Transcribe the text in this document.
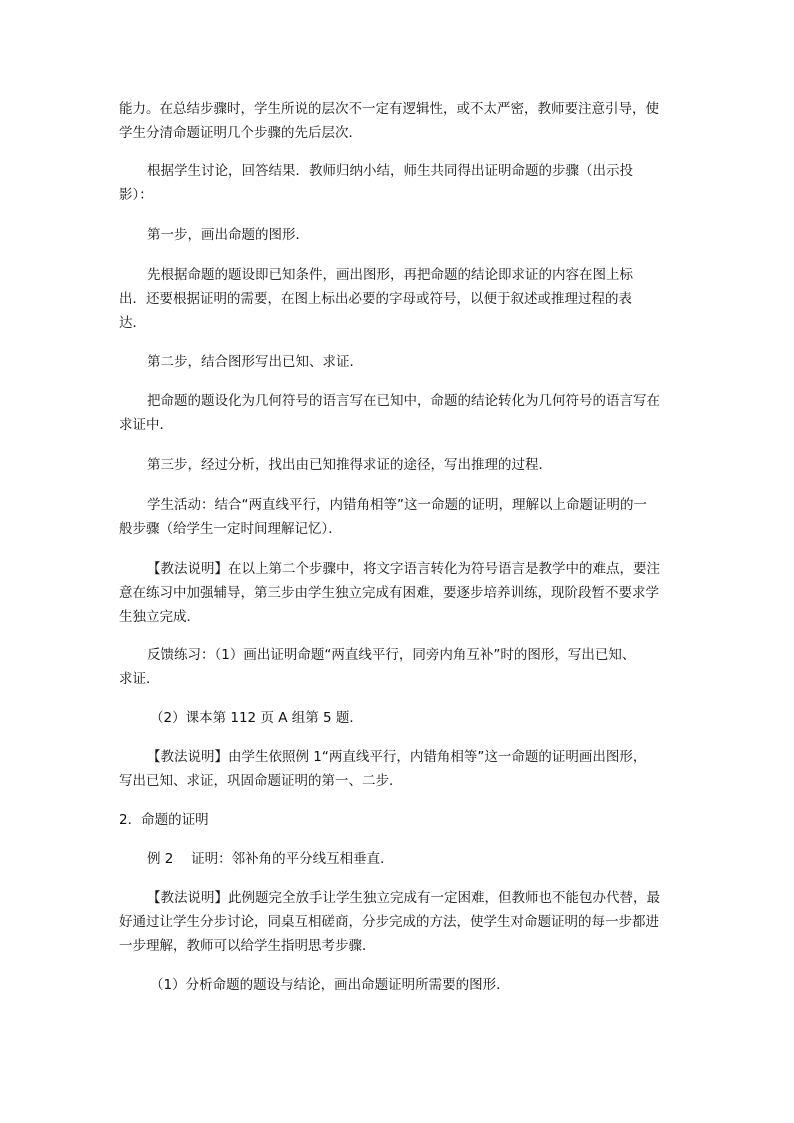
能力。在总结步骤时，学生所说的层次不一定有逻辑性，或不太严密，教师要注意引导，使
学生分清命题证明几个步骤的先后层次．
根据学生讨论，回答结果．教师归纳小结，师生共同得出证明命题的步骤（出示投
影）：
第一步，画出命题的图形．
先根据命题的题设即已知条件，画出图形，再把命题的结论即求证的内容在图上标
出．还要根据证明的需要，在图上标出必要的字母或符号，以便于叙述或推理过程的表
达．
第二步，结合图形写出已知、求证．
把命题的题设化为几何符号的语言写在已知中，命题的结论转化为几何符号的语言写在
求证中．
第三步，经过分析，找出由已知推得求证的途径，写出推理的过程．
学生活动：结合“两直线平行，内错角相等”这一命题的证明，理解以上命题证明的一
般步骤（给学生一定时间理解记忆）．
【教法说明】在以上第二个步骤中，将文字语言转化为符号语言是教学中的难点，要注
意在练习中加强辅导，第三步由学生独立完成有困难，要逐步培养训练，现阶段暂不要求学
生独立完成．
反馈练习：（1）画出证明命题“两直线平行，同旁内角互补”时的图形，写出已知、
求证．
（2）课本第 112 页 A 组第 5 题．
【教法说明】由学生依照例 1“两直线平行，内错角相等”这一命题的证明画出图形，
写出已知、求证，巩固命题证明的第一、二步．
2．命题的证明
例 2　 证明：邻补角的平分线互相垂直．
【教法说明】此例题完全放手让学生独立完成有一定困难，但教师也不能包办代替，最
好通过让学生分步讨论，同桌互相磋商，分步完成的方法，使学生对命题证明的每一步都进
一步理解，教师可以给学生指明思考步骤．
（1）分析命题的题设与结论，画出命题证明所需要的图形．
